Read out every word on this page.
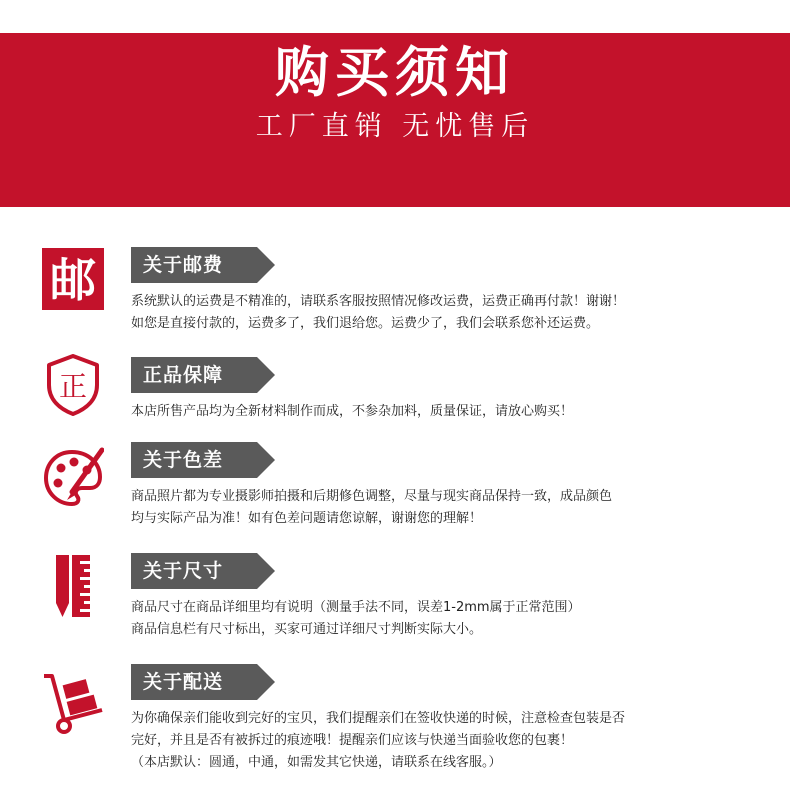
购买须知
工厂直销 无忧售后
邮 关于邮费
系统默认的运费是不精准的，请联系客服按照情况修改运费，运费正确再付款！谢谢！
如您是直接付款的，运费多了，我们退给您。运费少了，我们会联系您补还运费。
正	正品保障
本店所售产品均为全新材料制作而成，不参杂加料，质量保证，请放心购买！
关于色差
商品照片都为专业摄影师拍摄和后期修色调整，尽量与现实商品保持一致，成品颜色
均与实际产品为准！如有色差问题请您谅解，谢谢您的理解！
关于尺寸
商品尺寸在商品详细里均有说明（测量手法不同，误差1-2mm属于正常范围）
商品信息栏有尺寸标出，买家可通过详细尺寸判断实际大小。
关于配送
为你确保亲们能收到完好的宝贝，我们提醒亲们在签收快递的时候，注意检查包装是否
完好，并且是否有被拆过的痕迹哦！提醒亲们应该与快递当面验收您的包裹！
（本店默认：圆通，中通，如需发其它快递，请联系在线客服。）
